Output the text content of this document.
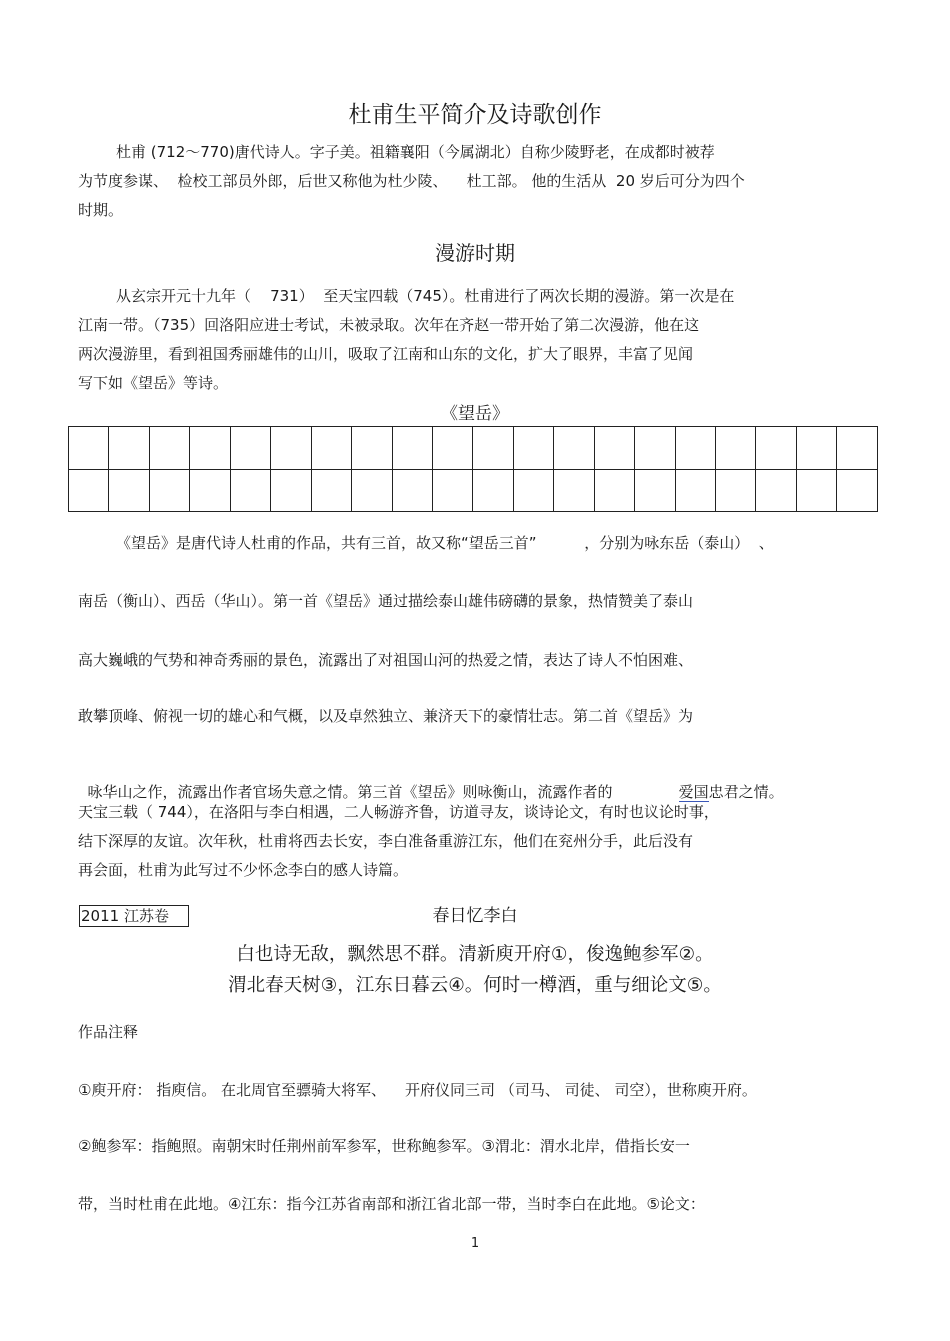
杜甫生平简介及诗歌创作
杜甫 (712～770)唐代诗人。字子美。祖籍襄阳（今属湖北）自称少陵野老，在成都时被荐
为节度参谋、  检校工部员外郎，后世又称他为杜少陵、    杜工部。 他的生活从  20 岁后可分为四个
时期。
漫游时期
从玄宗开元十九年（    731）  至天宝四载（745）。杜甫进行了两次长期的漫游。第一次是在
江南一带。（735）回洛阳应进士考试，未被录取。次年在齐赵一带开始了第二次漫游，他在这
两次漫游里，看到祖国秀丽雄伟的山川，吸取了江南和山东的文化，扩大了眼界，丰富了见闻
写下如《望岳》等诗。
《望岳》

《望岳》是唐代诗人杜甫的作品，共有三首，故又称“望岳三首”          ，分别为咏东岳（泰山）  、
南岳（衡山）、西岳（华山）。第一首《望岳》通过描绘泰山雄伟磅礴的景象，热情赞美了泰山
高大巍峨的气势和神奇秀丽的景色，流露出了对祖国山河的热爱之情，表达了诗人不怕困难、
敢攀顶峰、俯视一切的雄心和气概，以及卓然独立、兼济天下的豪情壮志。第二首《望岳》为

咏华山之作，流露出作者官场失意之情。第三首《望岳》则咏衡山，流露作者的	爱国忠君之情。

天宝三载（ 744），在洛阳与李白相遇，二人畅游齐鲁，访道寻友，谈诗论文，有时也议论时事，
结下深厚的友谊。次年秋，杜甫将西去长安，李白准备重游江东，他们在兖州分手，此后没有
再会面，杜甫为此写过不少怀念李白的感人诗篇。
2011 江苏卷	春日忆李白
白也诗无敌，飘然思不群。清新庾开府①，俊逸鲍参军②。
渭北春天树③，江东日暮云④。何时一樽酒，重与细论文⑤。
作品注释
①庾开府： 指庾信。 在北周官至骠骑大将军、    开府仪同三司 （司马、 司徒、 司空），世称庾开府。
②鲍参军：指鲍照。南朝宋时任荆州前军参军，世称鲍参军。③渭北：渭水北岸，借指长安一
带，当时杜甫在此地。④江东：指今江苏省南部和浙江省北部一带，当时李白在此地。⑤论文：
1
